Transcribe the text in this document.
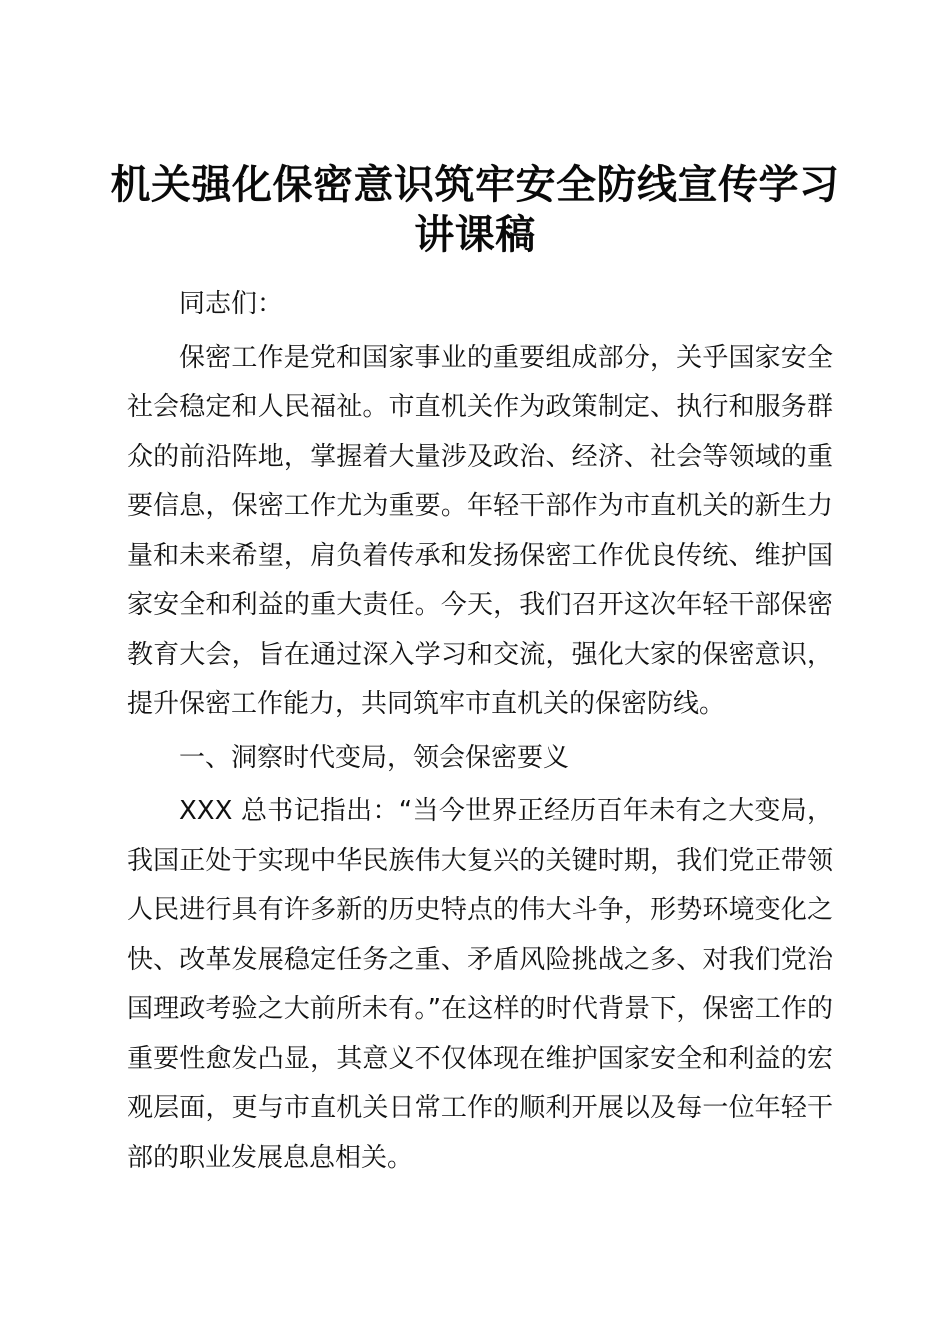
机关强化保密意识筑牢安全防线宣传学习讲课稿

同志们：

保密工作是党和国家事业的重要组成部分，关乎国家安全社会稳定和人民福祉。市直机关作为政策制定、执行和服务群众的前沿阵地，掌握着大量涉及政治、经济、社会等领域的重要信息，保密工作尤为重要。年轻干部作为市直机关的新生力量和未来希望，肩负着传承和发扬保密工作优良传统、维护国家安全和利益的重大责任。今天，我们召开这次年轻干部保密教育大会，旨在通过深入学习和交流，强化大家的保密意识，提升保密工作能力，共同筑牢市直机关的保密防线。

一、洞察时代变局，领会保密要义

XXX 总书记指出：“当今世界正经历百年未有之大变局，我国正处于实现中华民族伟大复兴的关键时期，我们党正带领人民进行具有许多新的历史特点的伟大斗争，形势环境变化之快、改革发展稳定任务之重、矛盾风险挑战之多、对我们党治国理政考验之大前所未有。”在这样的时代背景下，保密工作的重要性愈发凸显，其意义不仅体现在维护国家安全和利益的宏观层面，更与市直机关日常工作的顺利开展以及每一位年轻干部的职业发展息息相关。
